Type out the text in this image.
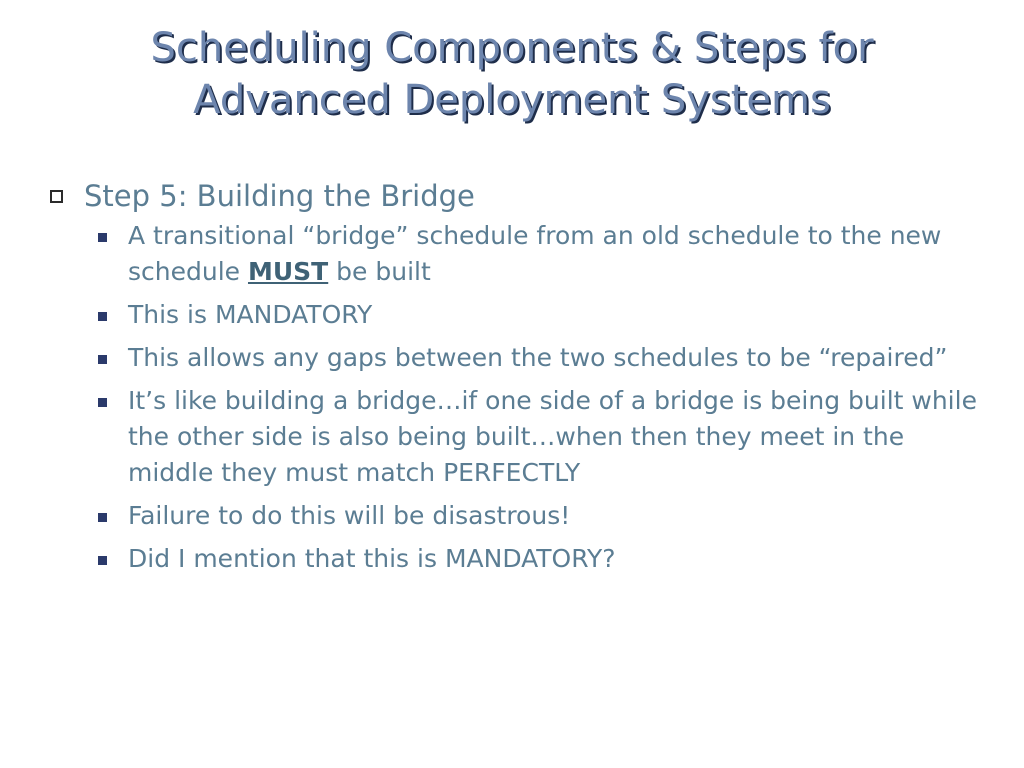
Scheduling Components & Steps for
Advanced Deployment Systems
Step 5: Building the Bridge
A transitional “bridge” schedule from an old schedule to the new schedule MUST be built
This is MANDATORY
This allows any gaps between the two schedules to be “repaired”
It’s like building a bridge…if one side of a bridge is being built while the other side is also being built…when then they meet in the middle they must match PERFECTLY
Failure to do this will be disastrous!
Did I mention that this is MANDATORY?
